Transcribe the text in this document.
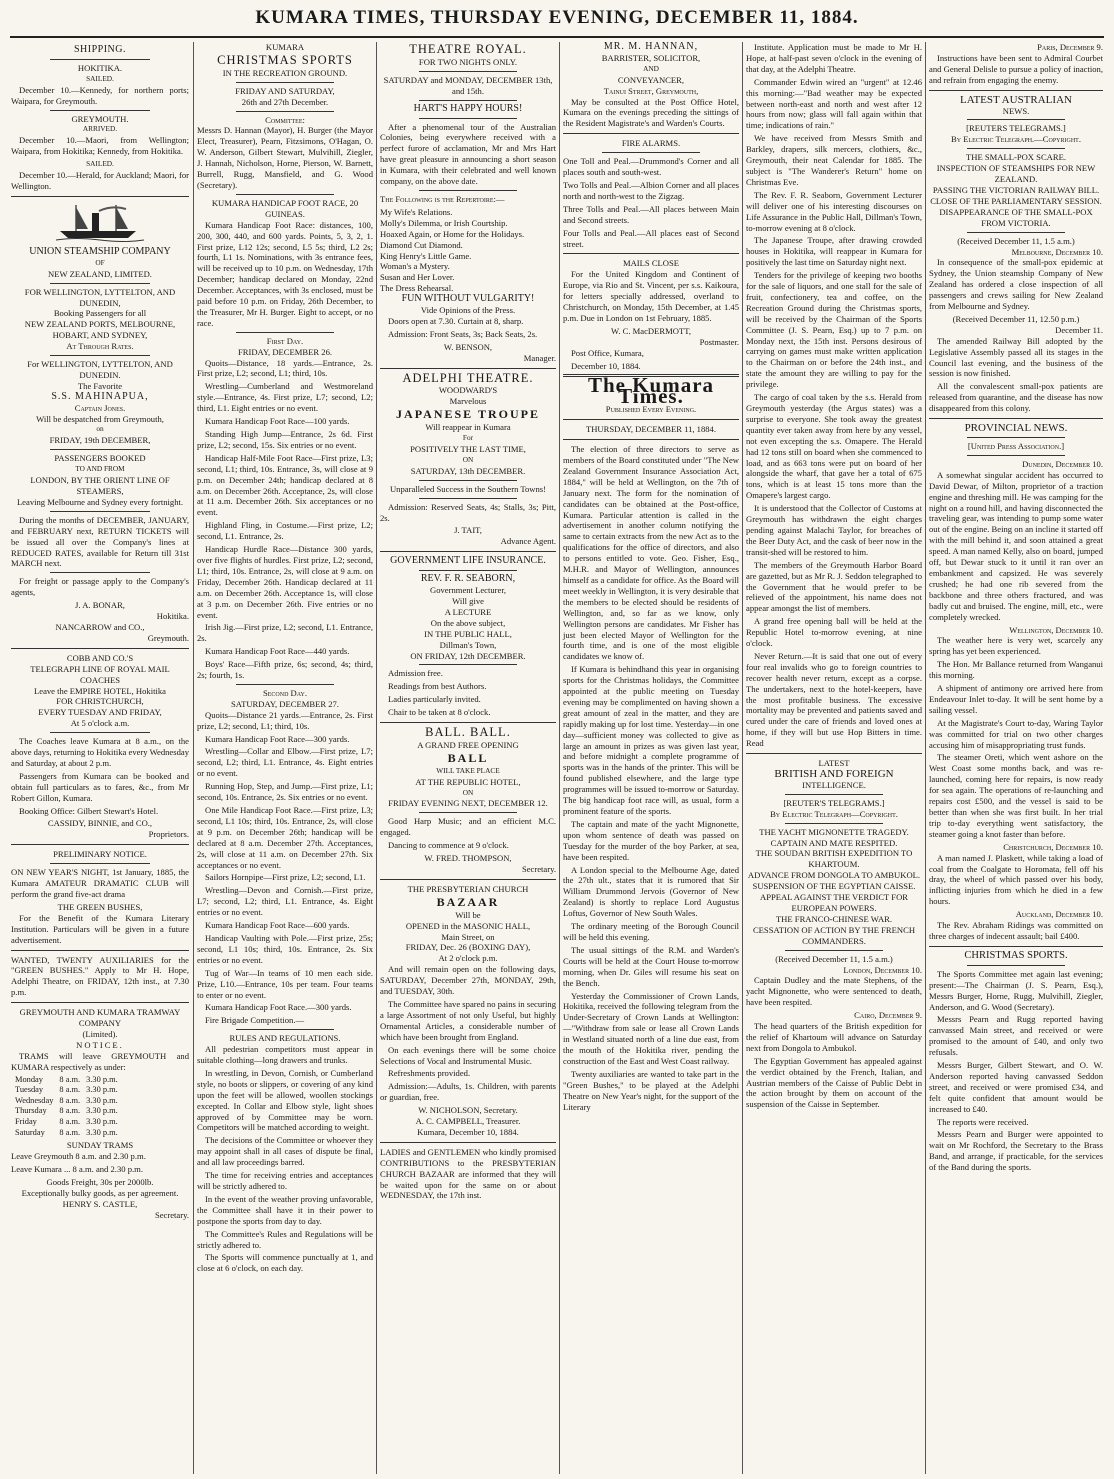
KUMARA TIMES, THURSDAY EVENING, DECEMBER 11, 1884.
SHIPPING.
HOKITIKA.
SAILED.

December 10.—Kennedy, for northern ports; Waipara, for Greymouth.

GREYMOUTH.
ARRIVED.

December 10.—Maori, from Wellington; Waipara, from Hokitika; Kennedy, from Hokitika.

SAILED.

December 10.—Herald, for Auckland; Maori, for Wellington.

UNION STEAMSHIP COMPANY
OF
NEW ZEALAND, LIMITED.
FOR WELLINGTON, LYTTELTON, AND DUNEDIN,
Booking Passengers for all
NEW ZEALAND PORTS, MELBOURNE, HOBART, AND SYDNEY,
At Through Rates.
For WELLINGTON, LYTTELTON, AND DUNEDIN.
The Favorite
S.S. MAHINAPUA,
Captain Jones.
Will be despatched from Greymouth,
on
FRIDAY, 19th DECEMBER,
PASSENGERS BOOKED
TO AND FROM
LONDON, BY THE ORIENT LINE OF STEAMERS,
Leaving Melbourne and Sydney every fortnight.

During the months of DECEMBER, JANUARY, and FEBRUARY next, RETURN TICKETS will be issued all over the Company's lines at REDUCED RATES, available for Return till 31st MARCH next.

For freight or passage apply to the Company's agents,

J. A. BONAR,
Hokitika.
NANCARROW and CO.,
Greymouth.
COBB AND CO.'S
TELEGRAPH LINE OF ROYAL MAIL COACHES
Leave the EMPIRE HOTEL, Hokitika
FOR CHRISTCHURCH,
EVERY TUESDAY AND FRIDAY,
At 5 o'clock a.m.

The Coaches leave Kumara at 8 a.m., on the above days, returning to Hokitika every Wednesday and Saturday, at about 2 p.m.

Passengers from Kumara can be booked and obtain full particulars as to fares, &c., from Mr Robert Gillon, Kumara.

Booking Office: Gilbert Stewart's Hotel.

CASSIDY, BINNIE, and CO.,
Proprietors.
PRELIMINARY NOTICE.

ON NEW YEAR'S NIGHT, 1st January, 1885, the Kumara AMATEUR DRAMATIC CLUB will perform the grand five-act drama

THE GREEN BUSHES,

For the Benefit of the Kumara Literary Institution. Particulars will be given in a future advertisement.

WANTED, TWENTY AUXILIARIES for the "GREEN BUSHES." Apply to Mr H. Hope, Adelphi Theatre, on FRIDAY, 12th inst., at 7.30 p.m.

GREYMOUTH AND KUMARA TRAMWAY COMPANY
(Limited).
NOTICE.

TRAMS will leave GREYMOUTH and KUMARA respectively as under:

Monday	8 a.m.	3.30 p.m.
Tuesday	8 a.m.	3.30 p.m.
Wednesday	8 a.m.	3.30 p.m.
Thursday	8 a.m.	3.30 p.m.
Friday	8 a.m.	3.30 p.m.
Saturday	8 a.m.	3.30 p.m.
SUNDAY TRAMS

Leave Greymouth 8 a.m. and 2.30 p.m.

Leave Kumara ... 8 a.m. and 2.30 p.m.

Goods Freight, 30s per 2000lb.
Exceptionally bulky goods, as per agreement.
HENRY S. CASTLE,
Secretary.
KUMARA
CHRISTMAS SPORTS
IN THE RECREATION GROUND.
FRIDAY AND SATURDAY,
26th and 27th December.
Committee:

Messrs D. Hannan (Mayor), H. Burger (the Mayor Elect, Treasurer), Pearn, Fitzsimons, O'Hagan, O. W. Anderson, Gilbert Stewart, Mulvihill, Ziegler, J. Hannah, Nicholson, Horne, Pierson, W. Barnett, Burrell, Rugg, Mansfield, and G. Wood (Secretary).

KUMARA HANDICAP FOOT RACE, 20 GUINEAS.

Kumara Handicap Foot Race: distances, 100, 200, 300, 440, and 600 yards. Points, 5, 3, 2, 1. First prize, L12 12s; second, L5 5s; third, L2 2s; fourth, L1 1s. Nominations, with 3s entrance fees, will be received up to 10 p.m. on Wednesday, 17th December; handicap declared on Monday, 22nd December. Acceptances, with 3s enclosed, must be paid before 10 p.m. on Friday, 26th December, to the Treasurer, Mr H. Burger. Eight to accept, or no race.

First Day.
FRIDAY, DECEMBER 26.

Quoits—Distance, 18 yards.—Entrance, 2s. First prize, L2; second, L1; third, 10s.

Wrestling—Cumberland and Westmoreland style.—Entrance, 4s. First prize, L7; second, L2; third, L1. Eight entries or no event.

Kumara Handicap Foot Race—100 yards.

Standing High Jump—Entrance, 2s 6d. First prize, L2; second, 15s. Six entries or no event.

Handicap Half-Mile Foot Race—First prize, L3; second, L1; third, 10s. Entrance, 3s, will close at 9 p.m. on December 24th; handicap declared at 8 a.m. on December 26th. Acceptance, 2s, will close at 11 a.m. December 26th. Six acceptances or no event.

Highland Fling, in Costume.—First prize, L2; second, L1. Entrance, 2s.

Handicap Hurdle Race—Distance 300 yards, over five flights of hurdles. First prize, L2; second, L1; third, 10s. Entrance, 2s, will close at 9 a.m. on Friday, December 26th. Handicap declared at 11 a.m. on December 26th. Acceptance 1s, will close at 3 p.m. on December 26th. Five entries or no event.

Irish Jig.—First prize, L2; second, L1. Entrance, 2s.

Kumara Handicap Foot Race—440 yards.

Boys' Race—Fifth prize, 6s; second, 4s; third, 2s; fourth, 1s.

Second Day.
SATURDAY, DECEMBER 27.

Quoits—Distance 21 yards.—Entrance, 2s. First prize, L2; second, L1; third, 10s.

Kumara Handicap Foot Race—300 yards.

Wrestling—Collar and Elbow.—First prize, L7; second, L2; third, L1. Entrance, 4s. Eight entries or no event.

Running Hop, Step, and Jump.—First prize, L1; second, 10s. Entrance, 2s. Six entries or no event.

One Mile Handicap Foot Race.—First prize, L3; second, L1 10s; third, 10s. Entrance, 2s, will close at 9 p.m. on December 26th; handicap will be declared at 8 a.m. December 27th. Acceptances, 2s, will close at 11 a.m. on December 27th. Six acceptances or no event.

Sailors Hornpipe—First prize, L2; second, L1.

Wrestling—Devon and Cornish.—First prize, L7; second, L2; third, L1. Entrance, 4s. Eight entries or no event.

Kumara Handicap Foot Race—600 yards.

Handicap Vaulting with Pole.—First prize, 25s; second, L1 10s; third, 10s. Entrance, 2s. Six entries or no event.

Tug of War—In teams of 10 men each side. Prize, L10.—Entrance, 10s per team. Four teams to enter or no event.

Kumara Handicap Foot Race.—300 yards.

Fire Brigade Competition.—

RULES AND REGULATIONS.

All pedestrian competitors must appear in suitable clothing—long drawers and trunks.

In wrestling, in Devon, Cornish, or Cumberland style, no boots or slippers, or covering of any kind upon the feet will be allowed, woollen stockings excepted. In Collar and Elbow style, light shoes approved of by Committee may be worn. Competitors will be matched according to weight.

The decisions of the Committee or whoever they may appoint shall in all cases of dispute be final, and all law proceedings barred.

The time for receiving entries and acceptances will be strictly adhered to.

In the event of the weather proving unfavorable, the Committee shall have it in their power to postpone the sports from day to day.

The Committee's Rules and Regulations will be strictly adhered to.

The Sports will commence punctually at 1, and close at 6 o'clock, on each day.

THEATRE ROYAL.
FOR TWO NIGHTS ONLY.
SATURDAY and MONDAY, DECEMBER 13th, and 15th.
HART'S HAPPY HOURS!

After a phenomenal tour of the Australian Colonies, being everywhere received with a perfect furore of acclamation, Mr and Mrs Hart have great pleasure in announcing a short season in Kumara, with their celebrated and well known company, on the above date.

The Following is the Repertoire:—

My Wife's Relations.
Molly's Dilemma, or Irish Courtship.
Hoaxed Again, or Home for the Holidays.
Diamond Cut Diamond.
King Henry's Little Game.
Woman's a Mystery.
Susan and Her Lover.
The Dress Rehearsal.
FUN WITHOUT VULGARITY!
Vide Opinions of the Press.

Doors open at 7.30. Curtain at 8, sharp.

Admission: Front Seats, 3s; Back Seats, 2s.

W. BENSON,
Manager.
ADELPHI THEATRE.
WOODWARD'S
Marvelous
JAPANESE TROUPE
Will reappear in Kumara
For
POSITIVELY THE LAST TIME,
ON
SATURDAY, 13th DECEMBER.
Unparalleled Success in the Southern Towns!

Admission: Reserved Seats, 4s; Stalls, 3s; Pitt, 2s.

J. TAIT,
Advance Agent.
GOVERNMENT LIFE INSURANCE.
REV. F. R. SEABORN,
Government Lecturer,
Will give
A LECTURE
On the above subject,
IN THE PUBLIC HALL,
Dillman's Town,
ON FRIDAY, 12th DECEMBER.

Admission free.

Readings from best Authors.

Ladies particularly invited.

Chair to be taken at 8 o'clock.

BALL. BALL.
A GRAND FREE OPENING
BALL
WILL TAKE PLACE
AT THE REPUBLIC HOTEL,
ON
FRIDAY EVENING NEXT, DECEMBER 12.

Good Harp Music; and an efficient M.C. engaged.

Dancing to commence at 9 o'clock.

W. FRED. THOMPSON,
Secretary.
THE PRESBYTERIAN CHURCH
BAZAAR
Will be
OPENED in the MASONIC HALL,
Main Street, on
FRIDAY, Dec. 26 (BOXING DAY),
At 2 o'clock p.m.

And will remain open on the following days, SATURDAY, December 27th, MONDAY, 29th, and TUESDAY, 30th.

The Committee have spared no pains in securing a large Assortment of not only Useful, but highly Ornamental Articles, a considerable number of which have been brought from England.

On each evenings there will be some choice Selections of Vocal and Instrumental Music.

Refreshments provided.

Admission:—Adults, 1s. Children, with parents or guardian, free.

W. NICHOLSON, Secretary.
A. C. CAMPBELL, Treasurer.
Kumara, December 10, 1884.

LADIES and GENTLEMEN who kindly promised CONTRIBUTIONS to the PRESBYTERIAN CHURCH BAZAAR are informed that they will be waited upon for the same on or about WEDNESDAY, the 17th inst.

MR. M. HANNAN,
BARRISTER, SOLICITOR,
AND
CONVEYANCER,
Tainui Street, Greymouth,

May be consulted at the Post Office Hotel, Kumara on the evenings preceding the sittings of the Resident Magistrate's and Warden's Courts.

FIRE ALARMS.

One Toll and Peal.—Drummond's Corner and all places south and south-west.

Two Tolls and Peal.—Albion Corner and all places north and north-west to the Zigzag.

Three Tolls and Peal.—All places between Main and Second streets.

Four Tolls and Peal.—All places east of Second street.

MAILS CLOSE

For the United Kingdom and Continent of Europe, via Rio and St. Vincent, per s.s. Kaikoura, for letters specially addressed, overland to Christchurch, on Monday, 15th December, at 1.45 p.m. Due in London on 1st February, 1885.

W. C. MacDERMOTT,
Postmaster.

Post Office, Kumara,

December 10, 1884.

The Kumara Times.
Published Every Evening.
THURSDAY, DECEMBER 11, 1884.

The election of three directors to serve as members of the Board constituted under "The New Zealand Government Insurance Association Act, 1884," will be held at Wellington, on the 7th of January next. The form for the nomination of candidates can be obtained at the Post-office, Kumara. Particular attention is called in the advertisement in another column notifying the same to certain extracts from the new Act as to the qualifications for the office of directors, and also to persons entitled to vote. Geo. Fisher, Esq., M.H.R. and Mayor of Wellington, announces himself as a candidate for office. As the Board will meet weekly in Wellington, it is very desirable that the members to be elected should be residents of Wellington, and, so far as we know, only Wellington persons are candidates. Mr Fisher has just been elected Mayor of Wellington for the fourth time, and is one of the most eligible candidates we know of.

If Kumara is behindhand this year in organising sports for the Christmas holidays, the Committee appointed at the public meeting on Tuesday evening may be complimented on having shown a great amount of zeal in the matter, and they are rapidly making up for lost time. Yesterday—in one day—sufficient money was collected to give as large an amount in prizes as was given last year, and before midnight a complete programme of sports was in the hands of the printer. This will be found published elsewhere, and the large type programmes will be issued to-morrow or Saturday. The big handicap foot race will, as usual, form a prominent feature of the sports.

The captain and mate of the yacht Mignonette, upon whom sentence of death was passed on Tuesday for the murder of the boy Parker, at sea, have been respited.

A London special to the Melbourne Age, dated the 27th ult., states that it is rumored that Sir William Drummond Jervois (Governor of New Zealand) is shortly to replace Lord Augustus Loftus, Governor of New South Wales.

The ordinary meeting of the Borough Council will be held this evening.

The usual sittings of the R.M. and Warden's Courts will be held at the Court House to-morrow morning, when Dr. Giles will resume his seat on the Bench.

Yesterday the Commissioner of Crown Lands, Hokitika, received the following telegram from the Under-Secretary of Crown Lands at Wellington:—"Withdraw from sale or lease all Crown Lands in Westland situated north of a line due east, from the mouth of the Hokitika river, pending the construction of the East and West Coast railway.

Twenty auxiliaries are wanted to take part in the "Green Bushes," to be played at the Adelphi Theatre on New Year's night, for the support of the Literary

Institute. Application must be made to Mr H. Hope, at half-past seven o'clock in the evening of that day, at the Adelphi Theatre.

Commander Edwin wired an "urgent" at 12.46 this morning:—"Bad weather may be expected between north-east and north and west after 12 hours from now; glass will fall again within that time; indications of rain."

We have received from Messrs Smith and Barkley, drapers, silk mercers, clothiers, &c., Greymouth, their neat Calendar for 1885. The subject is "The Wanderer's Return" home on Christmas Eve.

The Rev. F. R. Seaborn, Government Lecturer will deliver one of his interesting discourses on Life Assurance in the Public Hall, Dillman's Town, to-morrow evening at 8 o'clock.

The Japanese Troupe, after drawing crowded houses in Hokitika, will reappear in Kumara for positively the last time on Saturday night next.

Tenders for the privilege of keeping two booths for the sale of liquors, and one stall for the sale of fruit, confectionery, tea and coffee, on the Recreation Ground during the Christmas sports, will be received by the Chairman of the Sports Committee (J. S. Pearn, Esq.) up to 7 p.m. on Monday next, the 15th inst. Persons desirous of carrying on games must make written application to the Chairman on or before the 24th inst., and state the amount they are willing to pay for the privilege.

The cargo of coal taken by the s.s. Herald from Greymouth yesterday (the Argus states) was a surprise to everyone. She took away the greatest quantity ever taken away from here by any vessel, not even excepting the s.s. Omapere. The Herald had 12 tons still on board when she commenced to load, and as 663 tons were put on board of her alongside the wharf, that gave her a total of 675 tons, which is at least 15 tons more than the Omapere's largest cargo.

It is understood that the Collector of Customs at Greymouth has withdrawn the eight charges pending against Malachi Taylor, for breaches of the Beer Duty Act, and the cask of beer now in the transit-shed will be restored to him.

The members of the Greymouth Harbor Board are gazetted, but as Mr R. J. Seddon telegraphed to the Government that he would prefer to be relieved of the appointment, his name does not appear amongst the list of members.

A grand free opening ball will be held at the Republic Hotel to-morrow evening, at nine o'clock.

Never Return.—It is said that one out of every four real invalids who go to foreign countries to recover health never return, except as a corpse. The undertakers, next to the hotel-keepers, have the most profitable business. The excessive mortality may be prevented and patients saved and cured under the care of friends and loved ones at home, if they will but use Hop Bitters in time. Read

LATEST
BRITISH AND FOREIGN
INTELLIGENCE.
[REUTER'S TELEGRAMS.]
By Electric Telegraph—Copyright.
THE YACHT MIGNONETTE TRAGEDY.
CAPTAIN AND MATE RESPITED.
THE SOUDAN BRITISH EXPEDITION TO KHARTOUM.
ADVANCE FROM DONGOLA TO AMBUKOL.
SUSPENSION OF THE EGYPTIAN CAISSE.
APPEAL AGAINST THE VERDICT FOR EUROPEAN POWERS.
THE FRANCO-CHINESE WAR.
CESSATION OF ACTION BY THE FRENCH COMMANDERS.
(Received December 11, 1.5 a.m.)
London, December 10.

Captain Dudley and the mate Stephens, of the yacht Mignonette, who were sentenced to death, have been respited.

Cairo, December 9.

The head quarters of the British expedition for the relief of Khartoum will advance on Saturday next from Dongola to Ambukol.

The Egyptian Government has appealed against the verdict obtained by the French, Italian, and Austrian members of the Caisse of Public Debt in the action brought by them on account of the suspension of the Caisse in September.

Paris, December 9.

Instructions have been sent to Admiral Courbet and General Delisle to pursue a policy of inaction, and refrain from engaging the enemy.

LATEST AUSTRALIAN
NEWS.
[REUTERS TELEGRAMS.]
By Electric Telegraph.—Copyright.
THE SMALL-POX SCARE.
INSPECTION OF STEAMSHIPS FOR NEW ZEALAND.
PASSING THE VICTORIAN RAILWAY BILL.
CLOSE OF THE PARLIAMENTARY SESSION.
DISAPPEARANCE OF THE SMALL-POX FROM VICTORIA.
(Received December 11, 1.5 a.m.)
Melbourne, December 10.

In consequence of the small-pox epidemic at Sydney, the Union steamship Company of New Zealand has ordered a close inspection of all passengers and crews sailing for New Zealand from Melbourne and Sydney.

(Received December 11, 12.50 p.m.)
December 11.

The amended Railway Bill adopted by the Legislative Assembly passed all its stages in the Council last evening, and the business of the session is now finished.

All the convalescent small-pox patients are released from quarantine, and the disease has now disappeared from this colony.

PROVINCIAL NEWS.
[United Press Association.]
Dunedin, December 10.

A somewhat singular accident has occurred to David Dewar, of Milton, proprietor of a traction engine and threshing mill. He was camping for the night on a round hill, and having disconnected the traveling gear, was intending to pump some water out of the engine. Being on an incline it started off with the mill behind it, and soon attained a great speed. A man named Kelly, also on board, jumped off, but Dewar stuck to it until it ran over an embankment and capsized. He was severely crushed; he had one rib severed from the backbone and three others fractured, and was badly cut and bruised. The engine, mill, etc., were completely wrecked.

Wellington, December 10.

The weather here is very wet, scarcely any spring has yet been experienced.

The Hon. Mr Ballance returned from Wanganui this morning.

A shipment of antimony ore arrived here from Endeavour Inlet to-day. It will be sent home by a sailing vessel.

At the Magistrate's Court to-day, Waring Taylor was committed for trial on two other charges accusing him of misappropriating trust funds.

The steamer Oreti, which went ashore on the West Coast some months back, and was re-launched, coming here for repairs, is now ready for sea again. The operations of re-launching and repairs cost £500, and the vessel is said to be better than when she was first built. In her trial trip to-day everything went satisfactory, the steamer going a knot faster than before.

Christchurch, December 10.

A man named J. Plaskett, while taking a load of coal from the Coalgate to Horomata, fell off his dray, the wheel of which passed over his body, inflicting injuries from which he died in a few hours.

Auckland, December 10.

The Rev. Abraham Ridings was committed on three charges of indecent assault; bail £400.

CHRISTMAS SPORTS.

The Sports Committee met again last evening; present:—The Chairman (J. S. Pearn, Esq.), Messrs Burger, Horne, Rugg, Mulvihill, Ziegler, Anderson, and G. Wood (Secretary).

Messrs Pearn and Rugg reported having canvassed Main street, and received or were promised to the amount of £40, and only two refusals.

Messrs Burger, Gilbert Stewart, and O. W. Anderson reported having canvassed Seddon street, and received or were promised £34, and felt quite confident that amount would be increased to £40.

The reports were received.

Messrs Pearn and Burger were appointed to wait on Mr Rochford, the Secretary to the Brass Band, and arrange, if practicable, for the services of the Band during the sports.
